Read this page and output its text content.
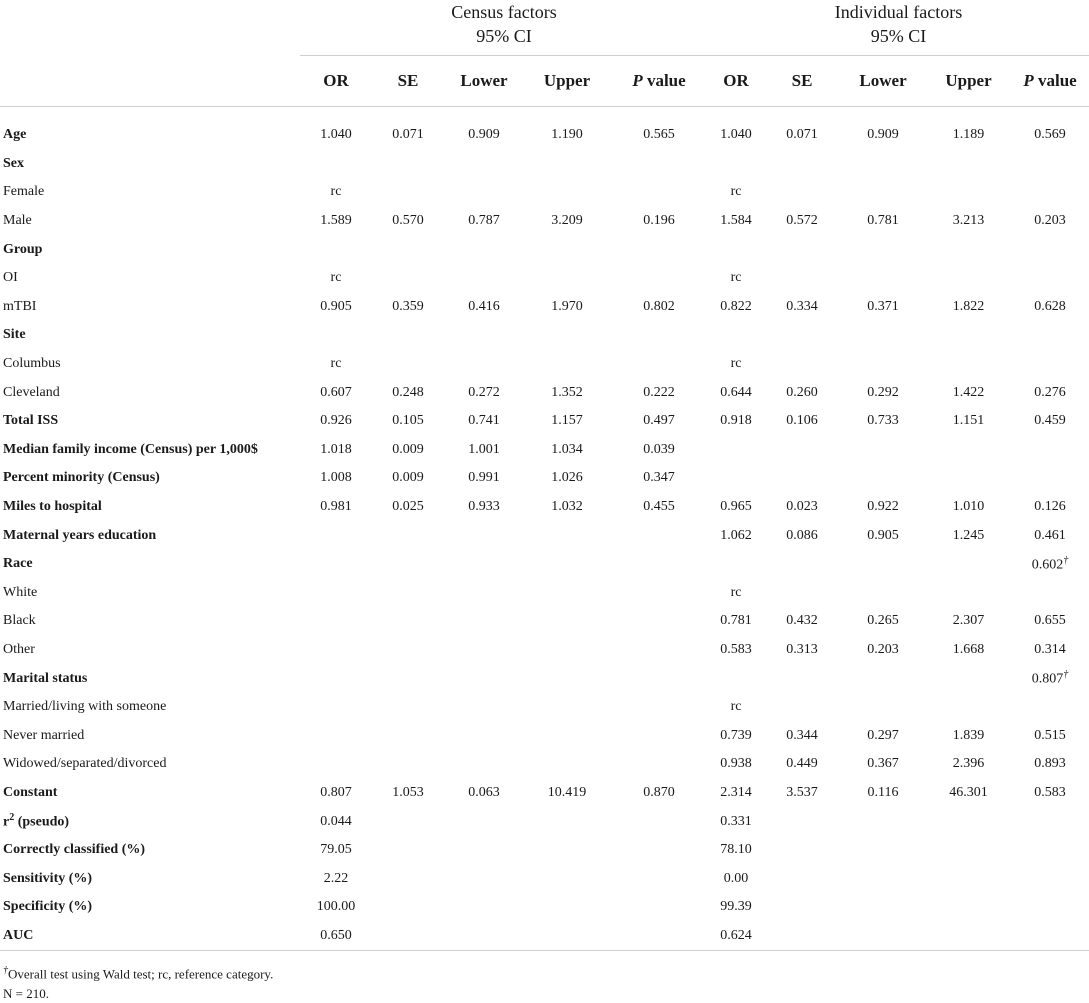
	Census factors
95% CI					Individual factors
95% CI				

	OR	SE	Lower	Upper	P value	OR	SE	Lower	Upper	P value
Age	1.040	0.071	0.909	1.190	0.565	1.040	0.071	0.909	1.189	0.569
Sex										
Female	rc					rc				
Male	1.589	0.570	0.787	3.209	0.196	1.584	0.572	0.781	3.213	0.203
Group										
OI	rc					rc				
mTBI	0.905	0.359	0.416	1.970	0.802	0.822	0.334	0.371	1.822	0.628
Site										
Columbus	rc					rc				
Cleveland	0.607	0.248	0.272	1.352	0.222	0.644	0.260	0.292	1.422	0.276
Total ISS	0.926	0.105	0.741	1.157	0.497	0.918	0.106	0.733	1.151	0.459
Median family income (Census) per 1,000$	1.018	0.009	1.001	1.034	0.039					
Percent minority (Census)	1.008	0.009	0.991	1.026	0.347					
Miles to hospital	0.981	0.025	0.933	1.032	0.455	0.965	0.023	0.922	1.010	0.126
Maternal years education						1.062	0.086	0.905	1.245	0.461
Race										0.602†
White						rc				
Black						0.781	0.432	0.265	2.307	0.655
Other						0.583	0.313	0.203	1.668	0.314
Marital status										0.807†
Married/living with someone						rc				
Never married						0.739	0.344	0.297	1.839	0.515
Widowed/separated/divorced						0.938	0.449	0.367	2.396	0.893
Constant	0.807	1.053	0.063	10.419	0.870	2.314	3.537	0.116	46.301	0.583
$r^2$ (pseudo)	0.044					0.331				
Correctly classified (%)	79.05					78.10				
Sensitivity (%)	2.22					0.00				
Specificity (%)	100.00					99.39				
AUC	0.650					0.624				
†Overall test using Wald test; rc, reference category.
N = 210.
